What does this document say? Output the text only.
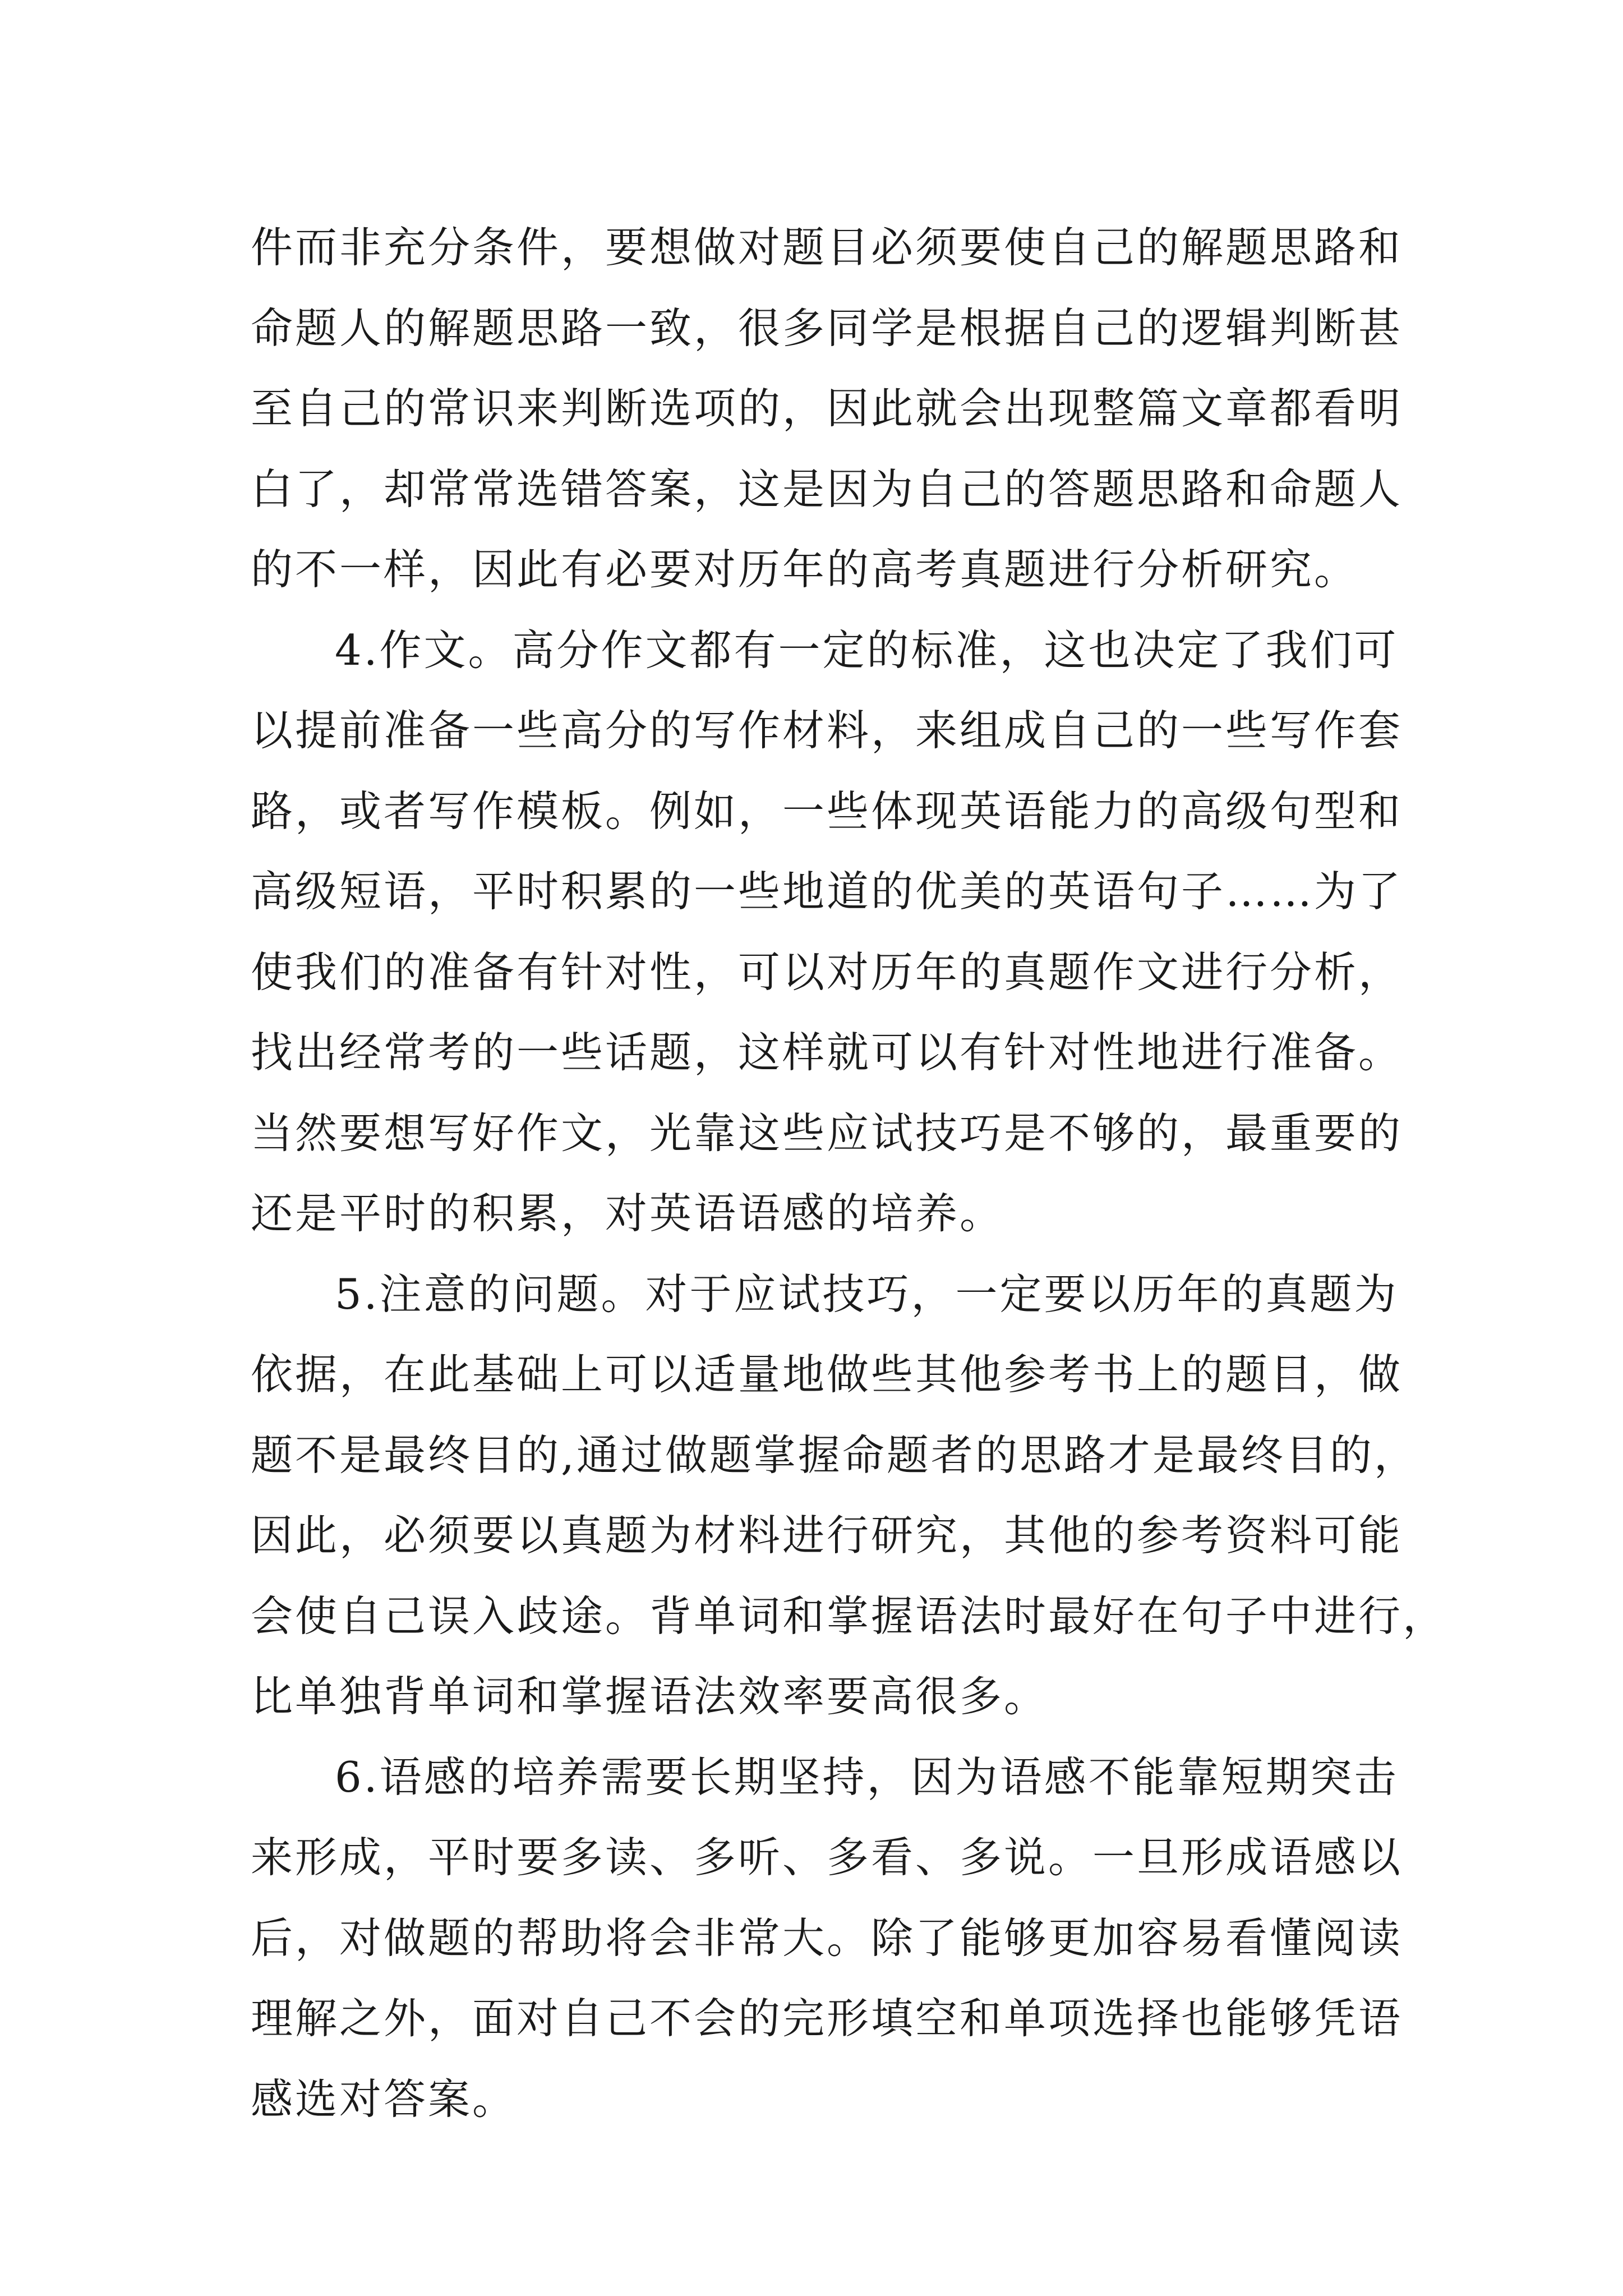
件而非充分条件，要想做对题目必须要使自己的解题思路和
命题人的解题思路一致，很多同学是根据自己的逻辑判断甚
至自己的常识来判断选项的，因此就会出现整篇文章都看明
白了，却常常选错答案，这是因为自己的答题思路和命题人
的不一样，因此有必要对历年的高考真题进行分析研究。
4.作文。高分作文都有一定的标准，这也决定了我们可
以提前准备一些高分的写作材料，来组成自己的一些写作套
路，或者写作模板。例如，一些体现英语能力的高级句型和
高级短语，平时积累的一些地道的优美的英语句子……为了
使我们的准备有针对性，可以对历年的真题作文进行分析，
找出经常考的一些话题，这样就可以有针对性地进行准备。
当然要想写好作文，光靠这些应试技巧是不够的，最重要的
还是平时的积累，对英语语感的培养。
5.注意的问题。对于应试技巧，一定要以历年的真题为
依据，在此基础上可以适量地做些其他参考书上的题目，做
题不是最终目的,通过做题掌握命题者的思路才是最终目的，
因此，必须要以真题为材料进行研究，其他的参考资料可能
会使自己误入歧途。背单词和掌握语法时最好在句子中进行，
比单独背单词和掌握语法效率要高很多。
6.语感的培养需要长期坚持，因为语感不能靠短期突击
来形成，平时要多读、多听、多看、多说。一旦形成语感以
后，对做题的帮助将会非常大。除了能够更加容易看懂阅读
理解之外，面对自己不会的完形填空和单项选择也能够凭语
感选对答案。
